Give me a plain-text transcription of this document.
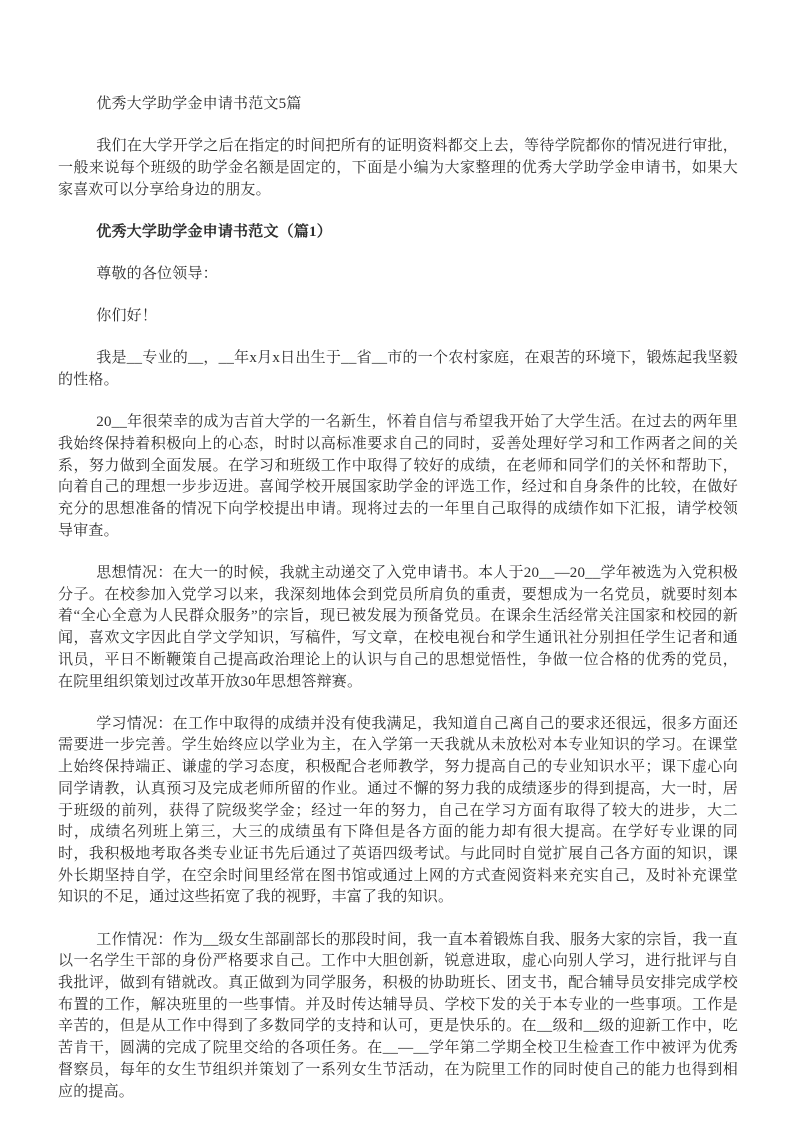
优秀大学助学金申请书范文5篇

我们在大学开学之后在指定的时间把所有的证明资料都交上去，等待学院都你的情况进行审批，一般来说每个班级的助学金名额是固定的，下面是小编为大家整理的优秀大学助学金申请书，如果大家喜欢可以分享给身边的朋友。

优秀大学助学金申请书范文（篇1）

尊敬的各位领导：

你们好！

我是__专业的__，__年x月x日出生于__省__市的一个农村家庭，在艰苦的环境下，锻炼起我坚毅的性格。

20__年很荣幸的成为吉首大学的一名新生，怀着自信与希望我开始了大学生活。在过去的两年里我始终保持着积极向上的心态，时时以高标准要求自己的同时，妥善处理好学习和工作两者之间的关系，努力做到全面发展。在学习和班级工作中取得了较好的成绩，在老师和同学们的关怀和帮助下，向着自己的理想一步步迈进。喜闻学校开展国家助学金的评选工作，经过和自身条件的比较，在做好充分的思想准备的情况下向学校提出申请。现将过去的一年里自己取得的成绩作如下汇报，请学校领导审查。

思想情况：在大一的时候，我就主动递交了入党申请书。本人于20__—20__学年被选为入党积极分子。在校参加入党学习以来，我深刻地体会到党员所肩负的重责，要想成为一名党员，就要时刻本着“全心全意为人民群众服务”的宗旨，现已被发展为预备党员。在课余生活经常关注国家和校园的新闻，喜欢文字因此自学文学知识，写稿件，写文章，在校电视台和学生通讯社分别担任学生记者和通讯员，平日不断鞭策自己提高政治理论上的认识与自己的思想觉悟性，争做一位合格的优秀的党员，在院里组织策划过改革开放30年思想答辩赛。

学习情况：在工作中取得的成绩并没有使我满足，我知道自己离自己的要求还很远，很多方面还需要进一步完善。学生始终应以学业为主，在入学第一天我就从未放松对本专业知识的学习。在课堂上始终保持端正、谦虚的学习态度，积极配合老师教学，努力提高自己的专业知识水平；课下虚心向同学请教，认真预习及完成老师所留的作业。通过不懈的努力我的成绩逐步的得到提高，大一时，居于班级的前列，获得了院级奖学金；经过一年的努力，自己在学习方面有取得了较大的进步，大二时，成绩名列班上第三，大三的成绩虽有下降但是各方面的能力却有很大提高。在学好专业课的同时，我积极地考取各类专业证书先后通过了英语四级考试。与此同时自觉扩展自己各方面的知识，课外长期坚持自学，在空余时间里经常在图书馆或通过上网的方式查阅资料来充实自己，及时补充课堂知识的不足，通过这些拓宽了我的视野，丰富了我的知识。

工作情况：作为__级女生部副部长的那段时间，我一直本着锻炼自我、服务大家的宗旨，我一直以一名学生干部的身份严格要求自己。工作中大胆创新，锐意进取，虚心向别人学习，进行批评与自我批评，做到有错就改。真正做到为同学服务，积极的协助班长、团支书，配合辅导员安排完成学校布置的工作，解决班里的一些事情。并及时传达辅导员、学校下发的关于本专业的一些事项。工作是辛苦的，但是从工作中得到了多数同学的支持和认可，更是快乐的。在__级和__级的迎新工作中，吃苦肯干，圆满的完成了院里交给的各项任务。在__—__学年第二学期全校卫生检查工作中被评为优秀督察员，每年的女生节组织并策划了一系列女生节活动，在为院里工作的同时使自己的能力也得到相应的提高。
